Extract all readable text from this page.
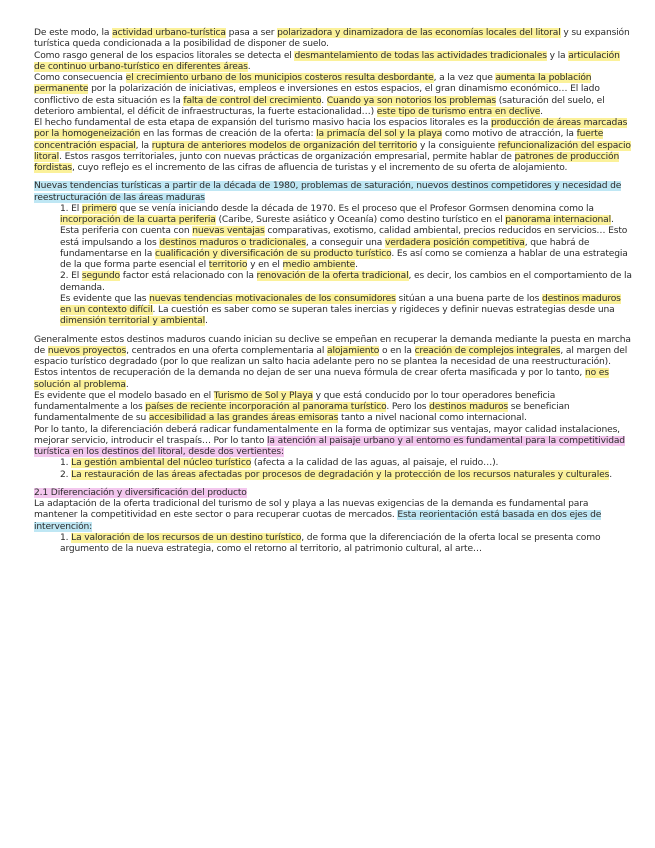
De este modo, la actividad urbano-turística pasa a ser polarizadora y dinamizadora de las economías locales del litoral y su expansión turística queda condicionada a la posibilidad de disponer de suelo.

Como rasgo general de los espacios litorales se detecta el desmantelamiento de todas las actividades tradicionales y la articulación de continuo urbano-turístico en diferentes áreas.

Como consecuencia el crecimiento urbano de los municipios costeros resulta desbordante, a la vez que aumenta la población permanente por la polarización de iniciativas, empleos e inversiones en estos espacios, el gran dinamismo económico… El lado conflictivo de esta situación es la falta de control del crecimiento. Cuando ya son notorios los problemas (saturación del suelo, el deterioro ambiental, el déficit de infraestructuras, la fuerte estacionalidad…) este tipo de turismo entra en declive.

El hecho fundamental de esta etapa de expansión del turismo masivo hacia los espacios litorales es la producción de áreas marcadas por la homogeneización en las formas de creación de la oferta: la primacía del sol y la playa como motivo de atracción, la fuerte concentración espacial, la ruptura de anteriores modelos de organización del territorio y la consiguiente refuncionalización del espacio litoral. Estos rasgos territoriales, junto con nuevas prácticas de organización empresarial, permite hablar de patrones de producción fordistas, cuyo reflejo es el incremento de las cifras de afluencia de turistas y el incremento de su oferta de alojamiento.

Nuevas tendencias turísticas a partir de la década de 1980, problemas de saturación, nuevos destinos competidores y necesidad de reestructuración de las áreas maduras

1. El primero que se venía iniciando desde la década de 1970. Es el proceso que el Profesor Gormsen denomina como la incorporación de la cuarta periferia (Caribe, Sureste asiático y Oceanía) como destino turístico en el panorama internacional. Esta periferia con cuenta con nuevas ventajas comparativas, exotismo, calidad ambiental, precios reducidos en servicios… Esto está impulsando a los destinos maduros o tradicionales, a conseguir una verdadera posición competitiva, que habrá de fundamentarse en la cualificación y diversificación de su producto turístico. Es así como se comienza a hablar de una estrategia de la que forma parte esencial el territorio y en el medio ambiente.
2. El segundo factor está relacionado con la renovación de la oferta tradicional, es decir, los cambios en el comportamiento de la demanda.
Es evidente que las nuevas tendencias motivacionales de los consumidores sitúan a una buena parte de los destinos maduros en un contexto difícil. La cuestión es saber como se superan tales inercias y rigideces y definir nuevas estrategias desde una dimensión territorial y ambiental.

Generalmente estos destinos maduros cuando inician su declive se empeñan en recuperar la demanda mediante la puesta en marcha de nuevos proyectos, centrados en una oferta complementaria al alojamiento o en la creación de complejos integrales, al margen del espacio turístico degradado (por lo que realizan un salto hacia adelante pero no se plantea la necesidad de una reestructuración). Estos intentos de recuperación de la demanda no dejan de ser una nueva fórmula de crear oferta masificada y por lo tanto, no es solución al problema.

Es evidente que el modelo basado en el Turismo de Sol y Playa y que está conducido por lo tour operadores beneficia fundamentalmente a los países de reciente incorporación al panorama turístico. Pero los destinos maduros se benefician fundamentalmente de su accesibilidad a las grandes áreas emisoras tanto a nivel nacional como internacional.

Por lo tanto, la diferenciación deberá radicar fundamentalmente en la forma de optimizar sus ventajas, mayor calidad instalaciones, mejorar servicio, introducir el traspaís… Por lo tanto la atención al paisaje urbano y al entorno es fundamental para la competitividad turística en los destinos del litoral, desde dos vertientes:

1. La gestión ambiental del núcleo turístico (afecta a la calidad de las aguas, al paisaje, el ruido…).
2. La restauración de las áreas afectadas por procesos de degradación y la protección de los recursos naturales y culturales.

2.1 Diferenciación y diversificación del producto

La adaptación de la oferta tradicional del turismo de sol y playa a las nuevas exigencias de la demanda es fundamental para mantener la competitividad en este sector o para recuperar cuotas de mercados. Esta reorientación está basada en dos ejes de intervención:

1. La valoración de los recursos de un destino turístico, de forma que la diferenciación de la oferta local se presenta como argumento de la nueva estrategia, como el retorno al territorio, al patrimonio cultural, al arte…
